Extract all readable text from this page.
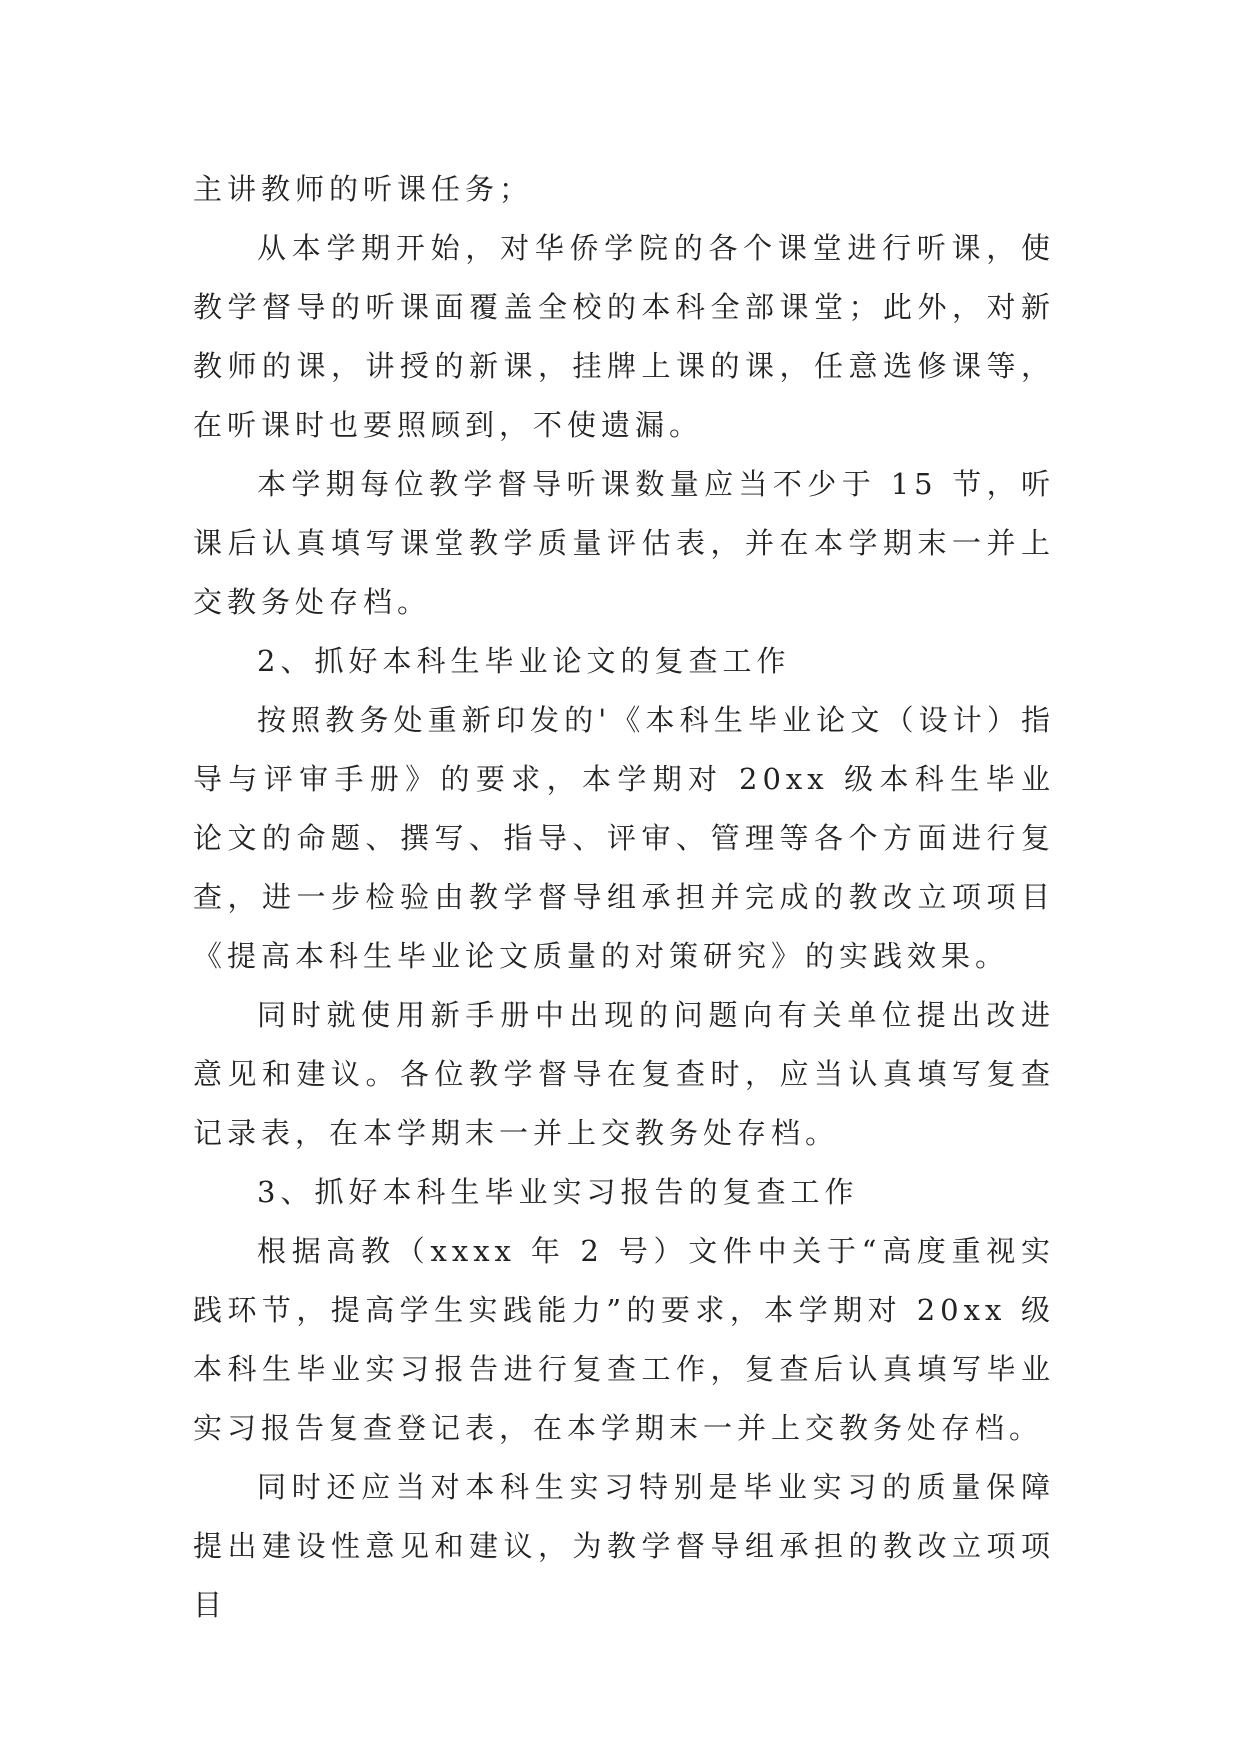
主讲教师的听课任务；

从本学期开始，对华侨学院的各个课堂进行听课，使教学督导的听课面覆盖全校的本科全部课堂；此外，对新教师的课，讲授的新课，挂牌上课的课，任意选修课等，在听课时也要照顾到，不使遗漏。

本学期每位教学督导听课数量应当不少于 15 节，听课后认真填写课堂教学质量评估表，并在本学期末一并上交教务处存档。

2、抓好本科生毕业论文的复查工作

按照教务处重新印发的'《本科生毕业论文（设计）指导与评审手册》的要求，本学期对 20xx 级本科生毕业论文的命题、撰写、指导、评审、管理等各个方面进行复查，进一步检验由教学督导组承担并完成的教改立项项目《提高本科生毕业论文质量的对策研究》的实践效果。

同时就使用新手册中出现的问题向有关单位提出改进意见和建议。各位教学督导在复查时，应当认真填写复查记录表，在本学期末一并上交教务处存档。

3、抓好本科生毕业实习报告的复查工作

根据高教（xxxx 年 2 号）文件中关于“高度重视实践环节，提高学生实践能力”的要求，本学期对 20xx 级本科生毕业实习报告进行复查工作，复查后认真填写毕业实习报告复查登记表，在本学期末一并上交教务处存档。

同时还应当对本科生实习特别是毕业实习的质量保障提出建设性意见和建议，为教学督导组承担的教改立项项目
